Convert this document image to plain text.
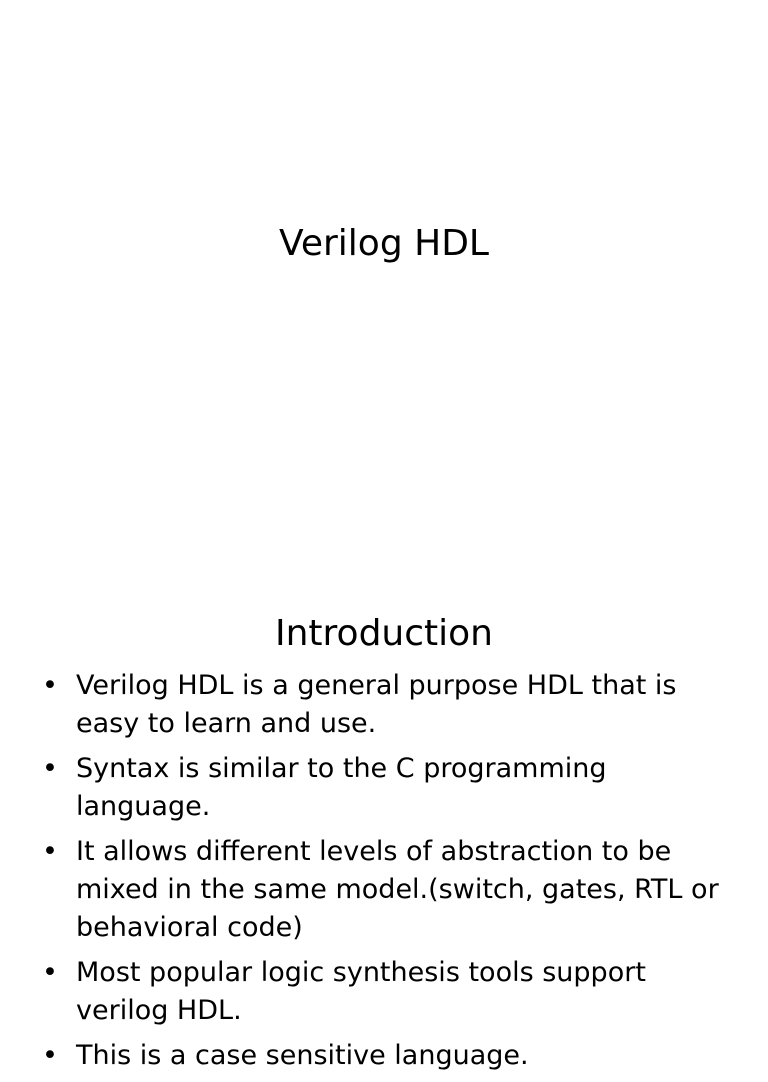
Verilog HDL
Introduction
• Verilog HDL is a general purpose HDL that is easy to learn and use.
• Syntax is similar to the C programming language.
• It allows different levels of abstraction to be mixed in the same model.(switch, gates, RTL or behavioral code)
• Most popular logic synthesis tools support verilog HDL.
• This is a case sensitive language.
